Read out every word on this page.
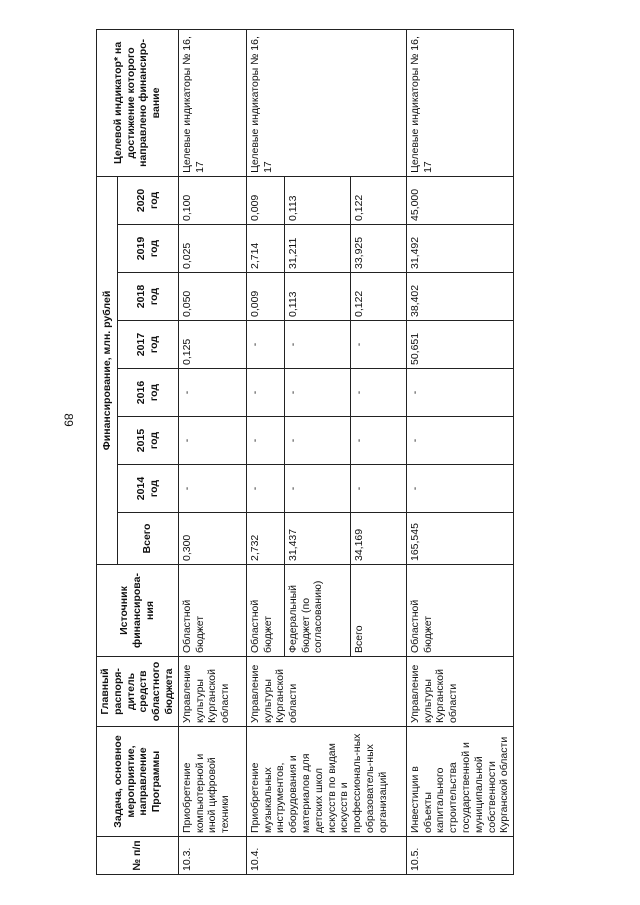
89
№ п/п	Задача, основное мероприятие, направление Программы	Главный распоря-дитель средств областного бюджета	Источник финансирова-ния	Финансирование, млн. рублей								Целевой индикатор* на достижение которого направлено финансиро-вание
				Всего	2014 год	2015 год	2016 год	2017 год	2018 год	2019 год	2020 год	
10.3.	Приобретение компьютерной и иной цифровой техники	Управление культуры Курганской области	Областной бюджет	0,300	-	-	-	0,125	0,050	0,025	0,100	Целевые индикаторы № 16, 17
10.4.	Приобретение музыкальных инструментов, оборудования и материалов для детских школ искусств по видам искусств и профессиональ-ных образователь-ных организаций	Управление культуры Курганской области	Областной бюджет	2,732	-	-	-	-	0,009	2,714	0,009	Целевые индикаторы № 16, 17
			Федеральный бюджет (по согласованию)	31,437	-	-	-	-	0,113	31,211	0,113	
			Всего	34,169	-	-	-	-	0,122	33,925	0,122	
10.5.	Инвестиции в объекты капитального строительства государственной и муниципальной собственности Курганской области	Управление культуры Курганской области	Областной бюджет	165,545	-	-	-	50,651	38,402	31,492	45,000	Целевые индикаторы № 16, 17
